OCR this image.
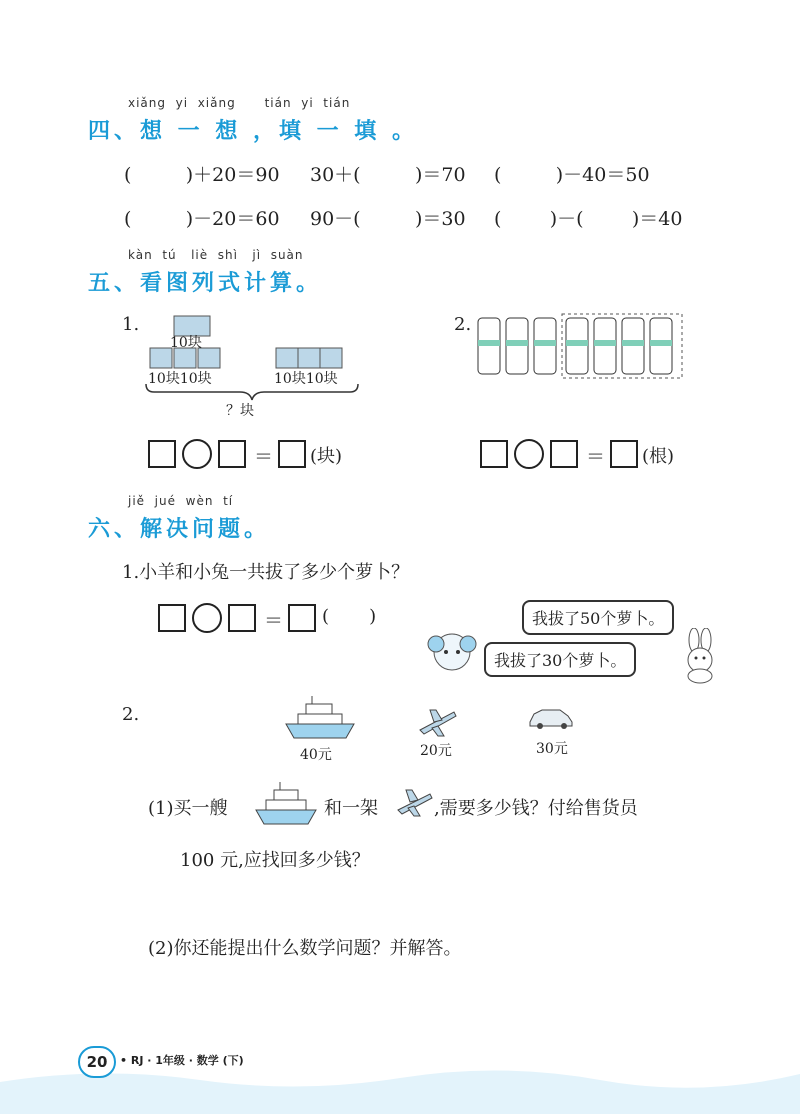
xiǎng  yi  xiǎng      tián  yi  tián
四、想 一 想 ，填 一 填 。
(         )＋20＝90 30＋(         )＝70 (         )－40＝50
(         )－20＝60 90－(         )＝30 (        )－(        )＝40
kàn  tú   liè  shì   jì  suàn
五、看图列式计算。
1.
10块
10块10块	10块10块
？块
＝ (块)
2.
＝ (根)
jiě  jué  wèn  tí
六、解决问题。
1.小羊和小兔一共拔了多少个萝卜？
＝ (       )	我拔了50个萝卜。
我拔了30个萝卜。
2.
40元	20元	30元
(1)买一艘	和一架	,需要多少钱？付给售货员
100 元,应找回多少钱？
(2)你还能提出什么数学问题？并解答。
20	• RJ · 1年级 · 数学 (下)
